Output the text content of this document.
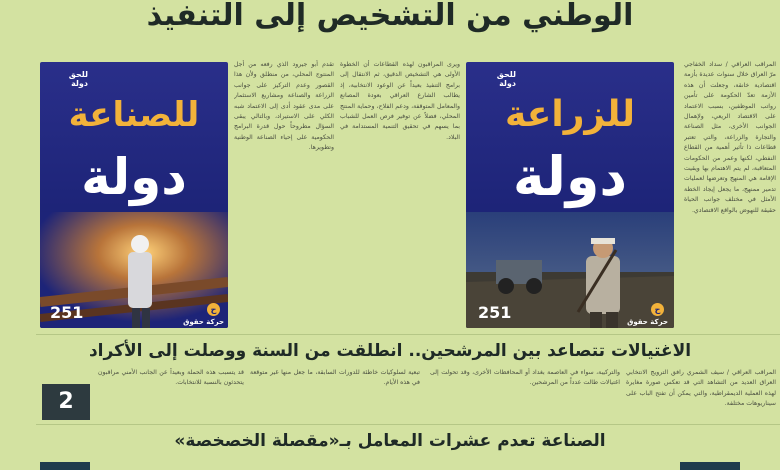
الوطني من التشخيص إلى التنفيذ
المراقب العراقي / سداد الخفاجي مرّ العراق خلال سنوات عديدة بأزمة اقتصادية خانقة، وجعلت أن هذه الأزمة تعدّ الحكومة على تأمين رواتب الموظفين، بسبب الاعتماد على الاقتصاد الريعي، ولإهمال الجوانب الأخرى، مثل الصناعة والتجارة والزراعة، والتي تعتبر قطاعات ذا تأثير أهمية من القطاع النفطي، لكنها وعمر من الحكومات المتعاقبة، لم يتم الاهتمام بها ويقيت الإقامة هي المنهج وتعرضها لعمليات تدمير ممنهج، ما يجعل إيجاد الخطة الأمثل في مختلف جوانب الحياة حقيقة للنهوض بالواقع الاقتصادي.
للحق
دولة
للزراعة
دولة
251	ح
حركة حقوق
ويرى المراقبون لهذه القطاعات أن الخطوة الأولى هي التشخيص الدقيق، ثم الانتقال إلى برامج التنفيذ بعيداً عن الوعود الانتخابية، إذ يطالب الشارع العراقي بعودة المصانع والمعامل المتوقفة، ودعم الفلاح، وحماية المنتج المحلي، فضلاً عن توفير فرص العمل للشباب بما يسهم في تحقيق التنمية المستدامة في البلاد.
تقدم أبو جيرود الذي رفعه من أجل المنتوج المحلي، من منطلق ولأن هذا القصور وعدم التركيز على جوانب الزراعة والصناعة ومشاريع الاستثمار على مدى عقود أدى إلى الاعتماد شبه الكلي على الاستيراد، وبالتالي يبقى السؤال مطروحاً حول قدرة البرامج الحكومية على إحياء الصناعة الوطنية وتطويرها.
للحق
دولة
للصناعة
دولة
251	ح
حركة حقوق
الاغتيالات تتصاعد بين المرشحين.. انطلقت من السنة ووصلت إلى الأكراد
المراقب العراقي / سيف الشمري رافق الترويج الانتخابي العراق العديد من التشاهد التي قد تعكس صورة مغايرة لهذه العملية الديمقراطية، والتي يمكن أن تفتح الباب على سيناريوهات مختلفة.
والتركيبة، سواء في العاصمة بغداد أو المحافظات الأخرى، وقد تحولت إلى اغتيالات طالت عدداً من المرشحين.
تبعية لسلوكيات خاطئة للدورات السابقة، ما جعل منها غير متوقعة في هذه الأيام.
قد يتسبب هذه الحملة وبعيداً عن الجانب الأمني مراقبون يتحدثون بالنسبة للانتخابات.
2
الصناعة تعدم عشرات المعامل بـ«مقصلة الخصخصة»
